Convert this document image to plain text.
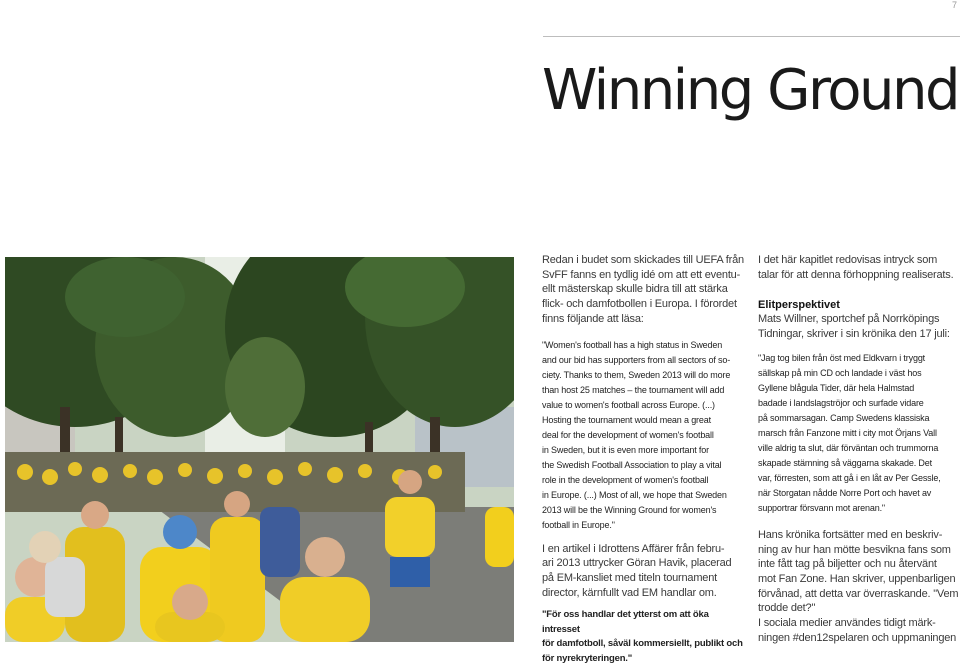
7
Winning Ground

Redan i budet som skickades till UEFA från
SvFF fanns en tydlig idé om att ett eventu-
ellt mästerskap skulle bidra till att stärka
flick- och damfotbollen i Europa. I förordet
finns följande att läsa:

"Women's football has a high status in Sweden
and our bid has supporters from all sectors of so-
ciety. Thanks to them, Sweden 2013 will do more
than host 25 matches – the tournament will add
value to women's football across Europe. (...)
Hosting the tournament would mean a great
deal for the development of women's football
in Sweden, but it is even more important for
the Swedish Football Association to play a vital
role in the development of women's football
in Europe. (...) Most of all, we hope that Sweden
2013 will be the Winning Ground for women's
football in Europe."

I en artikel i Idrottens Affärer från febru-
ari 2013 uttrycker Göran Havik, placerad
på EM-kansliet med titeln tournament
director, kärnfullt vad EM handlar om.

"För oss handlar det ytterst om att öka intresset
för damfotboll, såväl kommersiellt, publikt och
för nyrekryteringen."

I det här kapitlet redovisas intryck som
talar för att denna förhoppning realiserats.

Elitperspektivet

Mats Willner, sportchef på Norrköpings
Tidningar, skriver i sin krönika den 17 juli:

"Jag tog bilen från öst med Eldkvarn i tryggt
sällskap på min CD och landade i väst hos
Gyllene blågula Tider, där hela Halmstad
badade i landslagströjor och surfade vidare
på sommarsagan. Camp Swedens klassiska
marsch från Fanzone mitt i city mot Örjans Vall
ville aldrig ta slut, där förväntan och trummorna
skapade stämning så väggarna skakade. Det
var, förresten, som att gå i en låt av Per Gessle,
när Storgatan nådde Norre Port och havet av
supportrar försvann mot arenan."

Hans krönika fortsätter med en beskriv-
ning av hur han mötte besvikna fans som
inte fått tag på biljetter och nu återvänt
mot Fan Zone. Han skriver, uppenbarligen
förvånad, att detta var överraskande. "Vem
trodde det?"
I sociala medier användes tidigt märk-
ningen #den12spelaren och uppmaningen
